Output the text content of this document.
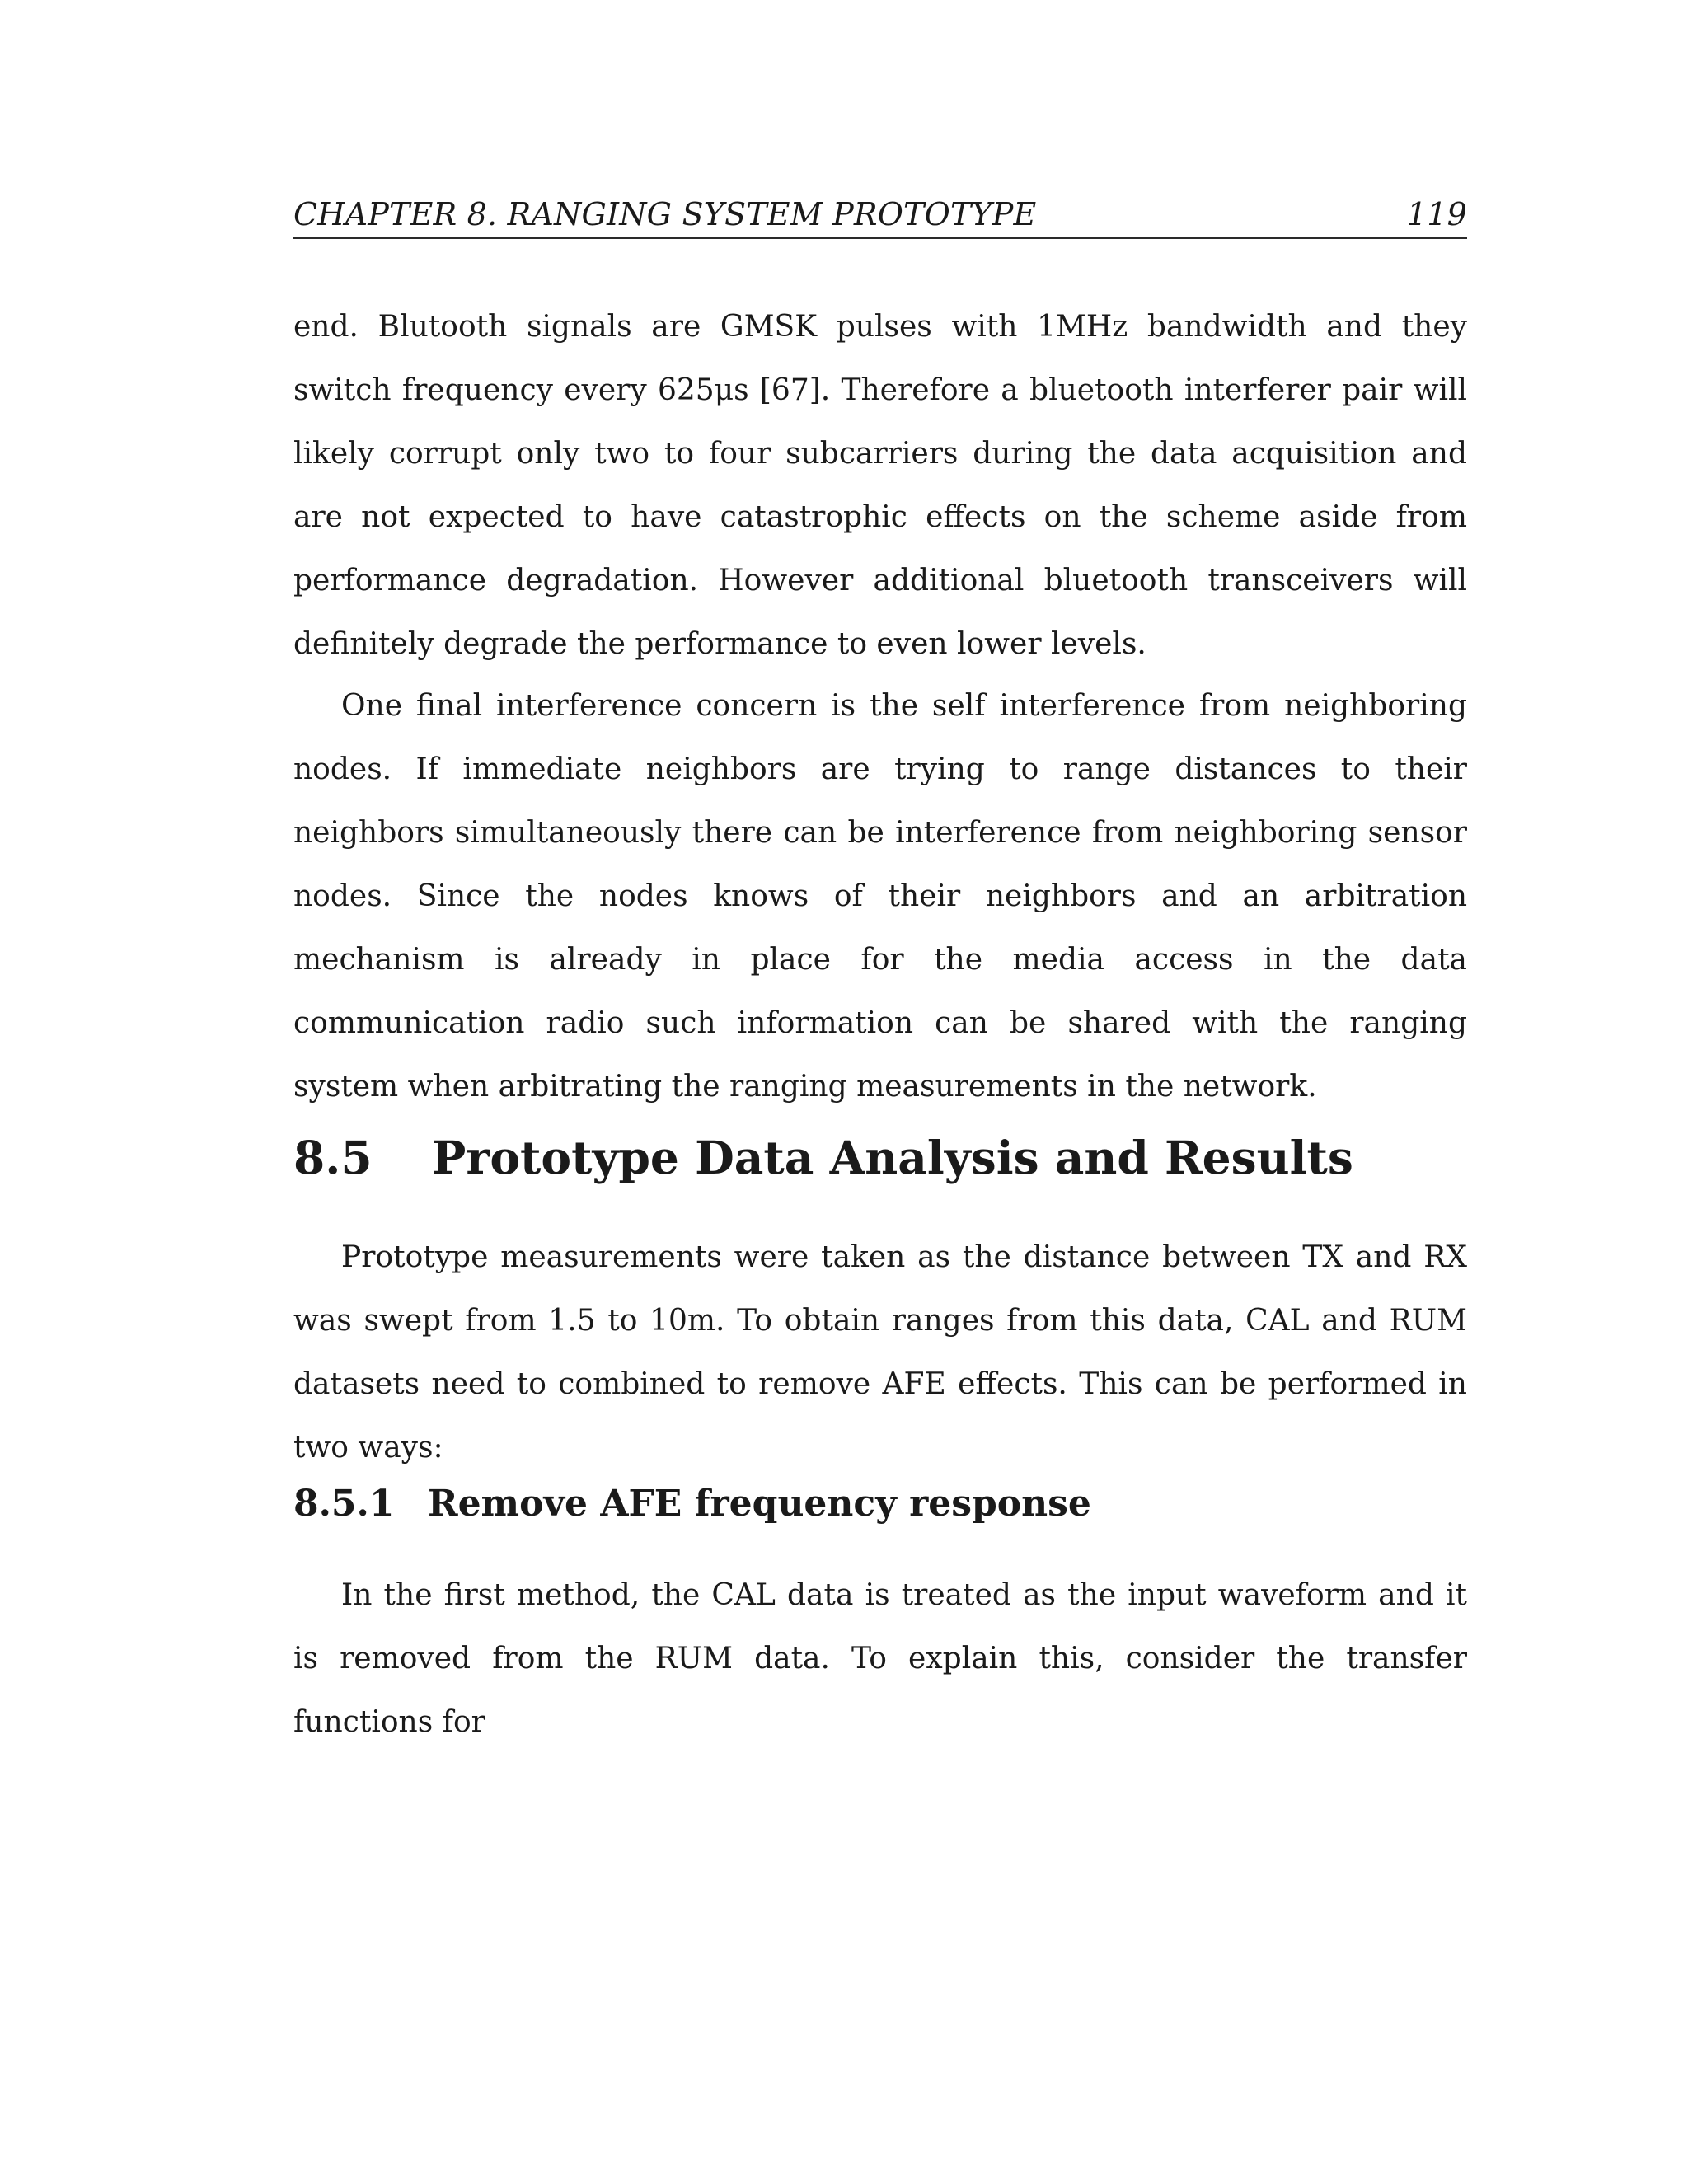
CHAPTER 8. RANGING SYSTEM PROTOTYPE	119

end. Blutooth signals are GMSK pulses with 1MHz bandwidth and they switch frequency every 625μs [67]. Therefore a bluetooth interferer pair will likely corrupt only two to four subcarriers during the data acquisition and are not expected to have catastrophic effects on the scheme aside from performance degradation. However additional bluetooth transceivers will definitely degrade the performance to even lower levels.

One final interference concern is the self interference from neighboring nodes. If immediate neighbors are trying to range distances to their neighbors simultaneously there can be interference from neighboring sensor nodes. Since the nodes knows of their neighbors and an arbitration mechanism is already in place for the media access in the data communication radio such information can be shared with the ranging system when arbitrating the ranging measurements in the network.

8.5 Prototype Data Analysis and Results

Prototype measurements were taken as the distance between TX and RX was swept from 1.5 to 10m. To obtain ranges from this data, CAL and RUM datasets need to combined to remove AFE effects. This can be performed in two ways:

8.5.1 Remove AFE frequency response

In the first method, the CAL data is treated as the input waveform and it is removed from the RUM data. To explain this, consider the transfer functions for
